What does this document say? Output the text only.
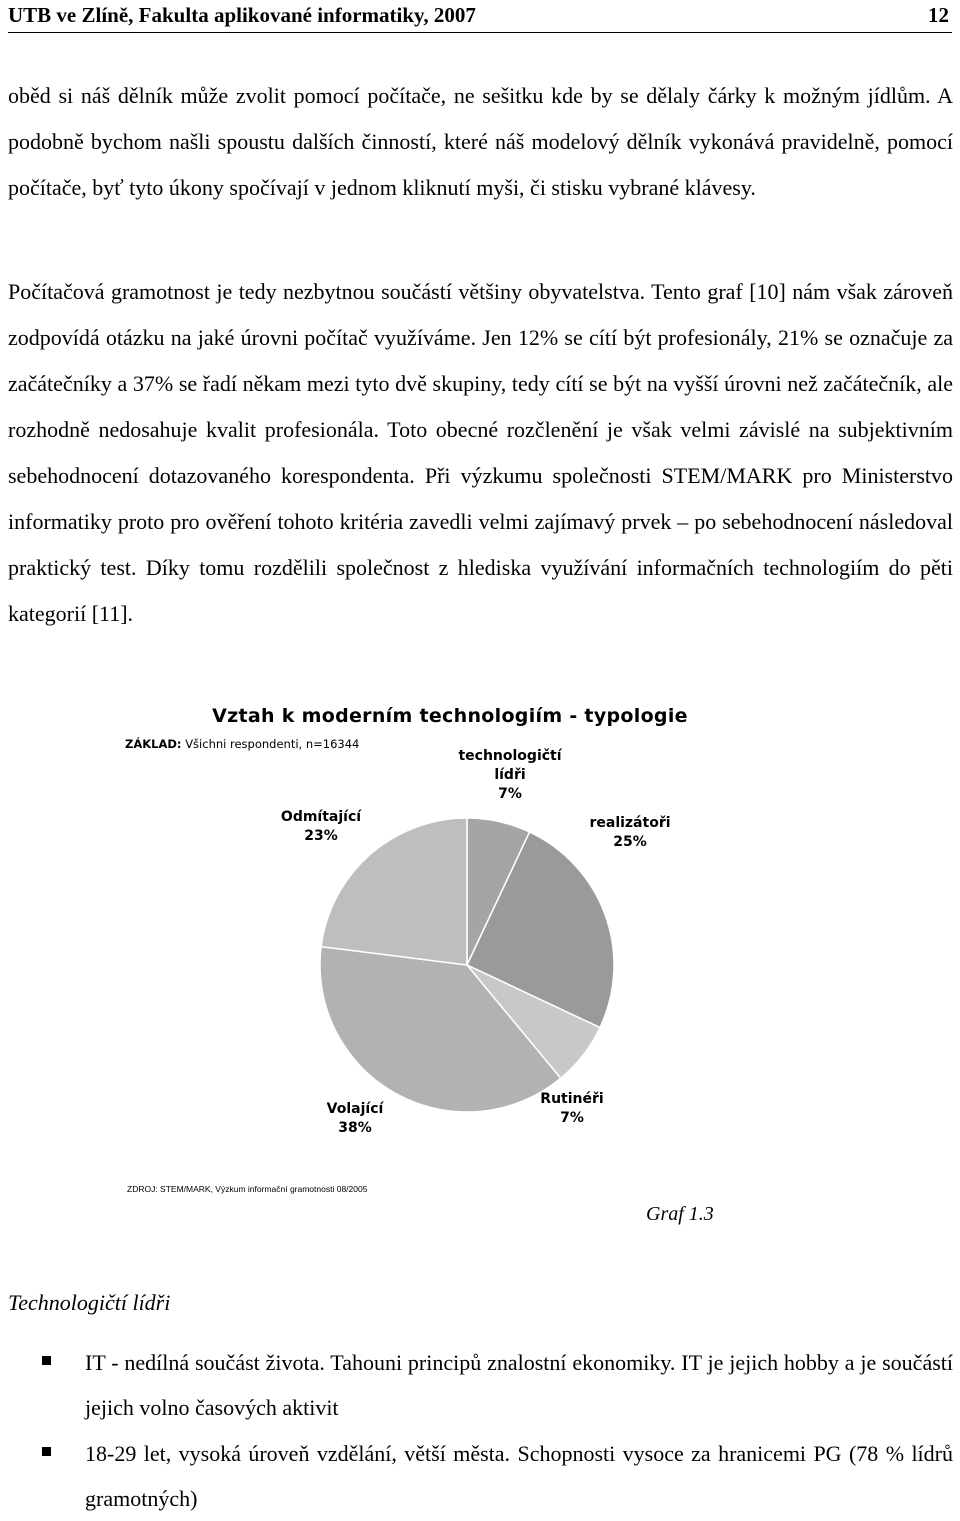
UTB ve Zlíně, Fakulta aplikované informatiky, 2007	12

oběd si náš dělník může zvolit pomocí počítače, ne sešitku kde by se dělaly čárky k možným jídlům. A podobně bychom našli spoustu dalších činností, které náš modelový dělník vykonává pravidelně, pomocí počítače, byť tyto úkony spočívají v jednom kliknutí myši, či stisku vybrané klávesy.

Počítačová gramotnost je tedy nezbytnou součástí většiny obyvatelstva. Tento graf [10] nám však zároveň zodpovídá otázku na jaké úrovni počítač využíváme. Jen 12% se cítí být profesionály, 21% se označuje za začátečníky a 37% se řadí někam mezi tyto dvě skupiny, tedy cítí se být na vyšší úrovni než začátečník, ale rozhodně nedosahuje kvalit profesionála. Toto obecné rozčlenění je však velmi závislé na subjektivním sebehodnocení dotazovaného korespondenta. Při výzkumu společnosti STEM/MARK pro Ministerstvo informatiky proto pro ověření tohoto kritéria zavedli velmi zajímavý prvek – po sebehodnocení následoval praktický test. Díky tomu rozdělili společnost z hlediska využívání informačních technologiím do pěti kategorií [11].

Vztah k moderním technologiím - typologie
ZÁKLAD: Všichni respondenti, n=16344
technologičtí
lídři
7%
realizátoři
25%
Rutinéři
7%
Volající
38%
Odmítající
23%
ZDROJ: STEM/MARK, Výzkum informační gramotnosti 08/2005
Graf 1.3
Technologičtí lídři
IT - nedílná součást života. Tahouni principů znalostní ekonomiky. IT je jejich hobby a je součástí jejich volno časových aktivit
18-29 let, vysoká úroveň vzdělání, větší města. Schopnosti vysoce za hranicemi PG (78 % lídrů gramotných)
